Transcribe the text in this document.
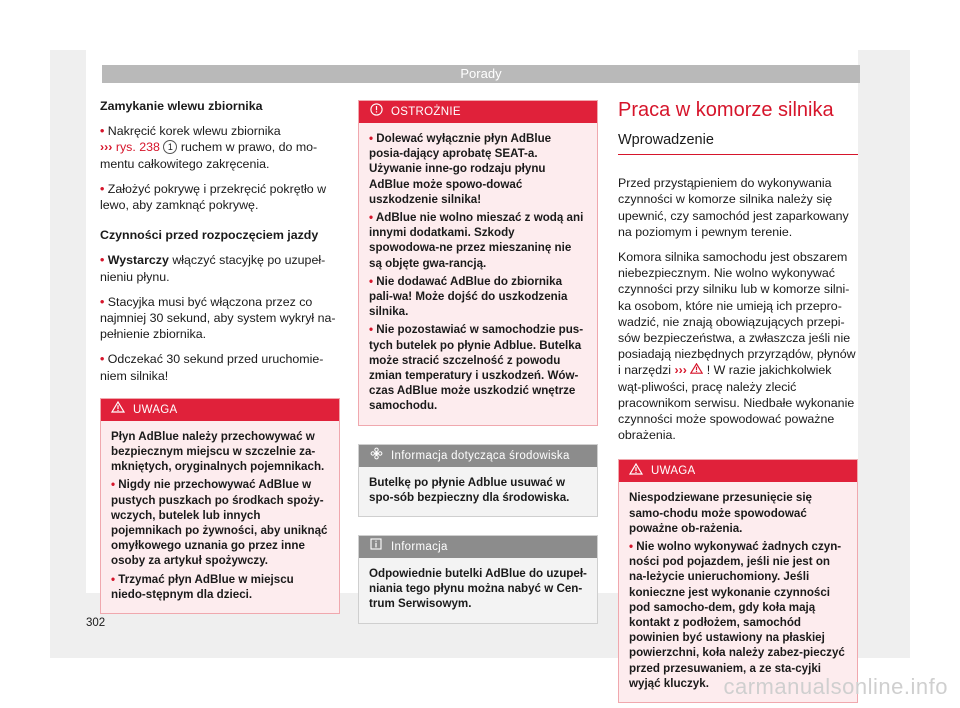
Porady

Zamykanie wlewu zbiornika

• Nakręcić korek wlewu zbiornika
››› rys. 238 1 ruchem w prawo, do mo-mentu całkowitego zakręcenia.

• Założyć pokrywę i przekręcić pokrętło w lewo, aby zamknąć pokrywę.

Czynności przed rozpoczęciem jazdy

• Wystarczy włączyć stacyjkę po uzupeł-nieniu płynu.

• Stacyjka musi być włączona przez co najmniej 30 sekund, aby system wykrył na-pełnienie zbiornika.

• Odczekać 30 sekund przed uruchomie-niem silnika!

UWAGA

Płyn AdBlue należy przechowywać w bezpiecznym miejscu w szczelnie za-mkniętych, oryginalnych pojemnikach.

• Nigdy nie przechowywać AdBlue w pustych puszkach po środkach spoży-wczych, butelek lub innych pojemnikach po żywności, aby uniknąć omyłkowego uznania go przez inne osoby za artykuł spożywczy.

• Trzymać płyn AdBlue w miejscu niedo-stępnym dla dzieci.

OSTROŻNIE

• Dolewać wyłącznie płyn AdBlue posia-dający aprobatę SEAT-a. Używanie inne-go rodzaju płynu AdBlue może spowo-dować uszkodzenie silnika!

• AdBlue nie wolno mieszać z wodą ani innymi dodatkami. Szkody spowodowa-ne przez mieszaninę nie są objęte gwa-rancją.

• Nie dodawać AdBlue do zbiornika pali-wa! Może dojść do uszkodzenia silnika.

• Nie pozostawiać w samochodzie pus-tych butelek po płynie Adblue. Butelka może stracić szczelność z powodu zmian temperatury i uszkodzeń. Wów-czas AdBlue może uszkodzić wnętrze samochodu.

Informacja dotycząca środowiska

Butelkę po płynie Adblue usuwać w spo-sób bezpieczny dla środowiska.

Informacja

Odpowiednie butelki AdBlue do uzupeł-niania tego płynu można nabyć w Cen-trum Serwisowym.

Praca w komorze silnika
Wprowadzenie

Przed przystąpieniem do wykonywania czynności w komorze silnika należy się upewnić, czy samochód jest zaparkowany na poziomym i pewnym terenie.

Komora silnika samochodu jest obszarem niebezpiecznym. Nie wolno wykonywać czynności przy silniku lub w komorze silni-ka osobom, które nie umieją ich przepro-wadzić, nie znają obowiązujących przepi-sów bezpieczeństwa, a zwłaszcza jeśli nie posiadają niezbędnych przyrządów, płynów i narzędzi ››› ! W razie jakichkolwiek wąt-pliwości, pracę należy zlecić pracownikom serwisu. Niedbałe wykonanie czynności może spowodować poważne obrażenia.

UWAGA

Niespodziewane przesunięcie się samo-chodu może spowodować poważne ob-rażenia.

• Nie wolno wykonywać żadnych czyn-ności pod pojazdem, jeśli nie jest on na-leżycie unieruchomiony. Jeśli konieczne jest wykonanie czynności pod samocho-dem, gdy koła mają kontakt z podłożem, samochód powinien być ustawiony na płaskiej powierzchni, koła należy zabez-pieczyć przed przesuwaniem, a ze sta-cyjki wyjąć kluczyk.

302
carmanualsonline.info
